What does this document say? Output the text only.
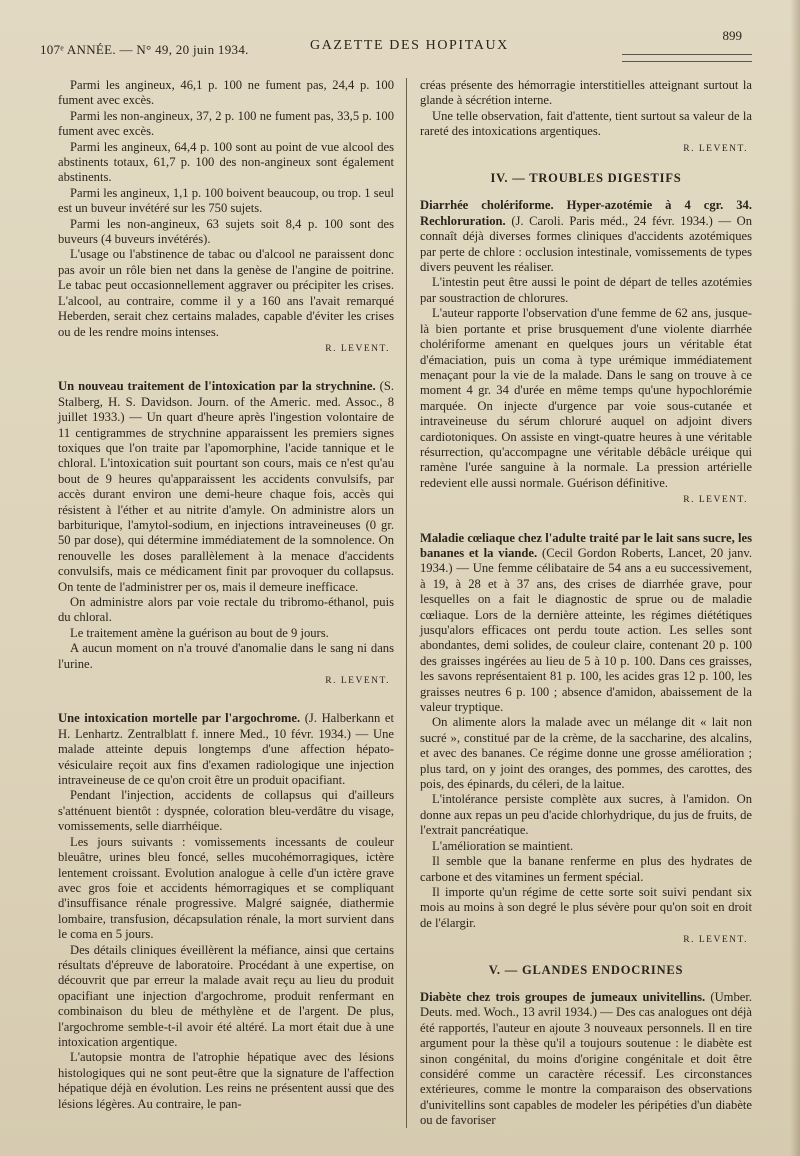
107ᵉ ANNÉE. — N° 49, 20 juin 1934.	GAZETTE DES HOPITAUX
899

Parmi les angineux, 46,1 p. 100 ne fument pas, 24,4 p. 100 fument avec excès.

Parmi les non-angineux, 37, 2 p. 100 ne fument pas, 33,5 p. 100 fument avec excès.

Parmi les angineux, 64,4 p. 100 sont au point de vue alcool des abstinents totaux, 61,7 p. 100 des non-angineux sont également abstinents.

Parmi les angineux, 1,1 p. 100 boivent beaucoup, ou trop. 1 seul est un buveur invétéré sur les 750 sujets.

Parmi les non-angineux, 63 sujets soit 8,4 p. 100 sont des buveurs (4 buveurs invétérés).

L'usage ou l'abstinence de tabac ou d'alcool ne paraissent donc pas avoir un rôle bien net dans la genèse de l'angine de poitrine. Le tabac peut occasionnellement aggraver ou précipiter les crises. L'alcool, au contraire, comme il y a 160 ans l'avait remarqué Heberden, serait chez certains malades, capable d'éviter les crises ou de les rendre moins intenses.

R. LEVENT.

Un nouveau traitement de l'intoxication par la strychnine. (S. Stalberg, H. S. Davidson. Journ. of the Americ. med. Assoc., 8 juillet 1933.) — Un quart d'heure après l'ingestion volontaire de 11 centigrammes de strychnine apparaissent les premiers signes toxiques que l'on traite par l'apomorphine, l'acide tannique et le chloral. L'intoxication suit pourtant son cours, mais ce n'est qu'au bout de 9 heures qu'apparaissent les accidents convulsifs, par accès durant environ une demi-heure chaque fois, accès qui résistent à l'éther et au nitrite d'amyle. On administre alors un barbiturique, l'amytol-sodium, en injections intraveineuses (0 gr. 50 par dose), qui détermine immédiatement de la somnolence. On renouvelle les doses parallèlement à la menace d'accidents convulsifs, mais ce médicament finit par provoquer du collapsus. On tente de l'administrer per os, mais il demeure inefficace.

On administre alors par voie rectale du tribromo-éthanol, puis du chloral.

Le traitement amène la guérison au bout de 9 jours.

A aucun moment on n'a trouvé d'anomalie dans le sang ni dans l'urine.

R. LEVENT.

Une intoxication mortelle par l'argochrome. (J. Halberkann et H. Lenhartz. Zentralblatt f. innere Med., 10 févr. 1934.) — Une malade atteinte depuis longtemps d'une affection hépato-vésiculaire reçoit aux fins d'examen radiologique une injection intraveineuse de ce qu'on croit être un produit opacifiant.

Pendant l'injection, accidents de collapsus qui d'ailleurs s'atténuent bientôt : dyspnée, coloration bleu-verdâtre du visage, vomissements, selle diarrhéique.

Les jours suivants : vomissements incessants de couleur bleuâtre, urines bleu foncé, selles mucohémorragiques, ictère lentement croissant. Evolution analogue à celle d'un ictère grave avec gros foie et accidents hémorragiques et se compliquant d'insuffisance rénale progressive. Malgré saignée, diathermie lombaire, transfusion, décapsulation rénale, la mort survient dans le coma en 5 jours.

Des détails cliniques éveillèrent la méfiance, ainsi que certains résultats d'épreuve de laboratoire. Procédant à une expertise, on découvrit que par erreur la malade avait reçu au lieu du produit opacifiant une injection d'argochrome, produit renfermant en combinaison du bleu de méthylène et de l'argent. De plus, l'argochrome semble-t-il avoir été altéré. La mort était due à une intoxication argentique.

L'autopsie montra de l'atrophie hépatique avec des lésions histologiques qui ne sont peut-être que la signature de l'affection hépatique déjà en évolution. Les reins ne présentent aussi que des lésions légères. Au contraire, le pan-

créas présente des hémorragie interstitielles atteignant surtout la glande à sécrétion interne.

Une telle observation, fait d'attente, tient surtout sa valeur de la rareté des intoxications argentiques.

R. LEVENT.
IV. — TROUBLES DIGESTIFS

Diarrhée cholériforme. Hyper-azotémie à 4 cgr. 34. Rechloruration. (J. Caroli. Paris méd., 24 févr. 1934.) — On connaît déjà diverses formes cliniques d'accidents azotémiques par perte de chlore : occlusion intestinale, vomissements de types divers peuvent les réaliser.

L'intestin peut être aussi le point de départ de telles azotémies par soustraction de chlorures.

L'auteur rapporte l'observation d'une femme de 62 ans, jusque-là bien portante et prise brusquement d'une violente diarrhée cholériforme amenant en quelques jours un véritable état d'émaciation, puis un coma à type urémique immédiatement menaçant pour la vie de la malade. Dans le sang on trouve à ce moment 4 gr. 34 d'urée en même temps qu'une hypochlorémie marquée. On injecte d'urgence par voie sous-cutanée et intraveineuse du sérum chloruré auquel on adjoint divers cardiotoniques. On assiste en vingt-quatre heures à une véritable résurrection, qu'accompagne une véritable débâcle uréique qui ramène l'urée sanguine à la normale. La pression artérielle redevient elle aussi normale. Guérison définitive.

R. LEVENT.

Maladie cœliaque chez l'adulte traité par le lait sans sucre, les bananes et la viande. (Cecil Gordon Roberts, Lancet, 20 janv. 1934.) — Une femme célibataire de 54 ans a eu successivement, à 19, à 28 et à 37 ans, des crises de diarrhée grave, pour lesquelles on a fait le diagnostic de sprue ou de maladie cœliaque. Lors de la dernière atteinte, les régimes diététiques jusqu'alors efficaces ont perdu toute action. Les selles sont abondantes, demi solides, de couleur claire, contenant 20 p. 100 des graisses ingérées au lieu de 5 à 10 p. 100. Dans ces graisses, les savons représentaient 81 p. 100, les acides gras 12 p. 100, les graisses neutres 6 p. 100 ; absence d'amidon, abaissement de la valeur tryptique.

On alimente alors la malade avec un mélange dit « lait non sucré », constitué par de la crème, de la saccharine, des alcalins, et avec des bananes. Ce régime donne une grosse amélioration ; plus tard, on y joint des oranges, des pommes, des carottes, des pois, des épinards, du céleri, de la laitue.

L'intolérance persiste complète aux sucres, à l'amidon. On donne aux repas un peu d'acide chlorhydrique, du jus de fruits, de l'extrait pancréatique.

L'amélioration se maintient.

Il semble que la banane renferme en plus des hydrates de carbone et des vitamines un ferment spécial.

Il importe qu'un régime de cette sorte soit suivi pendant six mois au moins à son degré le plus sévère pour qu'on soit en droit de l'élargir.

R. LEVENT.
V. — GLANDES ENDOCRINES

Diabète chez trois groupes de jumeaux univitellins. (Umber. Deuts. med. Woch., 13 avril 1934.) — Des cas analogues ont déjà été rapportés, l'auteur en ajoute 3 nouveaux personnels. Il en tire argument pour la thèse qu'il a toujours soutenue : le diabète est sinon congénital, du moins d'origine congénitale et doit être considéré comme un caractère récessif. Les circonstances extérieures, comme le montre la comparaison des observations d'univitellins sont capables de modeler les péripéties d'un diabète ou de favoriser
